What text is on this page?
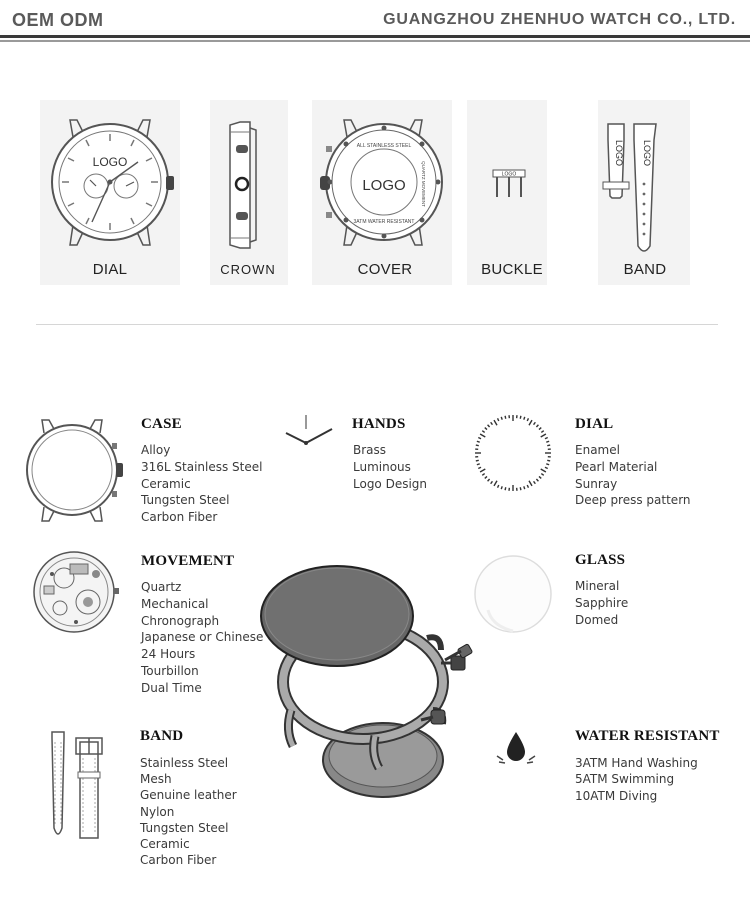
OEM ODM	GUANGZHOU ZHENHUO WATCH CO., LTD.
LOGO
DIAL	CROWN
LOGO
ALL STAINLESS STEEL
QUARTZ MOVEMENT
3ATM WATER RESISTANT
COVER
LOGO
BUCKLE
LOGO LOGO
BAND
CASE
Alloy
316L Stainless Steel
Ceramic
Tungsten Steel
Carbon Fiber
HANDS
Brass
Luminous
Logo Design
DIAL
Enamel
Pearl Material
Sunray
Deep press pattern
MOVEMENT
Quartz
Mechanical
Chronograph
Japanese or Chinese
24 Hours
Tourbillon
Dual Time
GLASS
Mineral
Sapphire
Domed
BAND
Stainless Steel
Mesh
Genuine leather
Nylon
Tungsten Steel
Ceramic
Carbon Fiber
WATER RESISTANT
3ATM Hand Washing
5ATM Swimming
10ATM Diving
